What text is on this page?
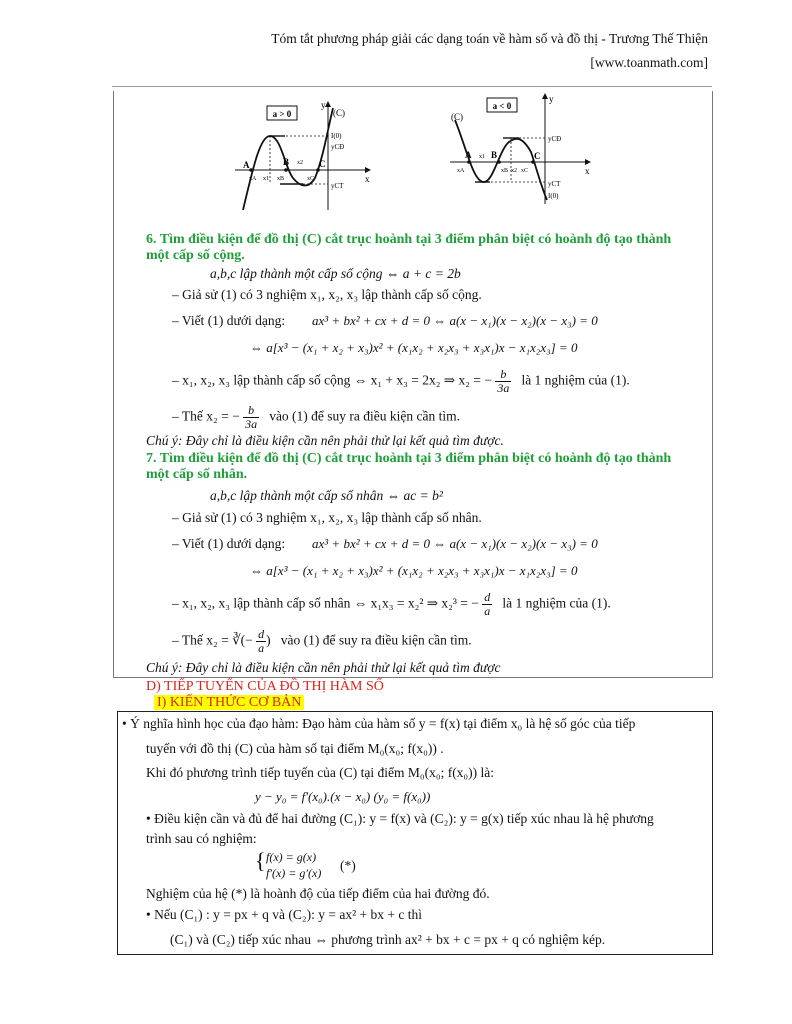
Tóm tắt phương pháp giải các dạng toán về hàm số và đồ thị - Trương Thế Thiện
[www.toanmath.com]
a > 0
y
(C)
x
I(0)
yCĐ
yCT
A	B	C
xA x1 xB
x2
xC
a < 0
y
(C)
x
yCĐ
yCT
I(0)
A B	C
xA
x1
xB x2 xC
6. Tìm điều kiện để đồ thị (C) cắt trục hoành tại 3 điểm phân biệt có hoành độ tạo thành
một cấp số cộng.
a,b,c lập thành một cấp số cộng ⇔ a + c = 2b
– Giả sử (1) có 3 nghiệm x₁, x₂, x₃ lập thành cấp số cộng.
– Viết (1) dưới dạng: ax³ + bx² + cx + d = 0 ⇔ a(x − x₁)(x − x₂)(x − x₃) = 0
⇔ a[x³ − (x₁ + x₂ + x₃)x² + (x₁x₂ + x₂x₃ + x₃x₁)x − x₁x₂x₃] = 0
– x₁, x₂, x₃ lập thành cấp số cộng ⇔ x₁ + x₃ = 2x₂ ⇒ x₂ = − $\frac{b}{3a}$ là 1 nghiệm của (1).
– Thế x₂ = − $\frac{b}{3a}$ vào (1) để suy ra điều kiện cần tìm.
Chú ý: Đây chỉ là điều kiện cần nên phải thử lại kết quả tìm được.
7. Tìm điều kiện để đồ thị (C) cắt trục hoành tại 3 điểm phân biệt có hoành độ tạo thành
một cấp số nhân.
a,b,c lập thành một cấp số nhân ⇔ ac = b²
– Giả sử (1) có 3 nghiệm x₁, x₂, x₃ lập thành cấp số nhân.
– Viết (1) dưới dạng: ax³ + bx² + cx + d = 0 ⇔ a(x − x₁)(x − x₂)(x − x₃) = 0
⇔ a[x³ − (x₁ + x₂ + x₃)x² + (x₁x₂ + x₂x₃ + x₃x₁)x − x₁x₂x₃] = 0
– x₁, x₂, x₃ lập thành cấp số nhân ⇔ x₁x₃ = x₂² ⇒ x₂³ = − $\frac{d}{a}$ là 1 nghiệm của (1).
– Thế x₂ = ∛(− $\frac{d}{a}$ ) vào (1) để suy ra điều kiện cần tìm.
Chú ý: Đây chỉ là điều kiện cần nên phải thử lại kết quả tìm được
D) TIẾP TUYẾN CỦA ĐỒ THỊ HÀM SỐ
I) KIẾN THỨC CƠ BẢN
• Ý nghĩa hình học của đạo hàm: Đạo hàm của hàm số y = f(x) tại điểm x₀ là hệ số góc của tiếp
tuyến với đồ thị (C) của hàm số tại điểm M₀(x₀; f(x₀)) .
Khi đó phương trình tiếp tuyến của (C) tại điểm M₀(x₀; f(x₀)) là:
y − y₀ = f′(x₀).(x − x₀) (y₀ = f(x₀))
• Điều kiện cần và đủ để hai đường (C₁): y = f(x) và (C₂): y = g(x) tiếp xúc nhau là hệ phương
trình sau có nghiệm:
{ f(x) = g(x)
f′(x) = g′(x) (*)
Nghiệm của hệ (*) là hoành độ của tiếp điểm của hai đường đó.
• Nếu (C₁) : y = px + q và (C₂): y = ax² + bx + c thì
(C₁) và (C₂) tiếp xúc nhau ⇔ phương trình ax² + bx + c = px + q có nghiệm kép.
